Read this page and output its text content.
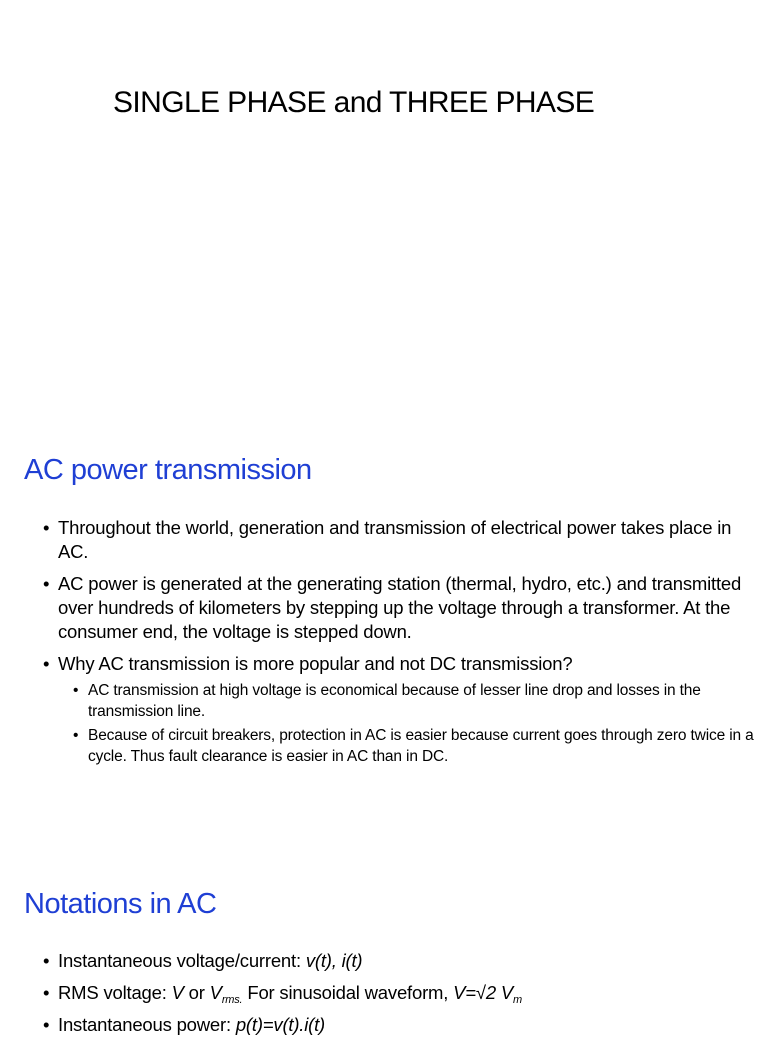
SINGLE PHASE and THREE PHASE
AC power transmission
• Throughout the world, generation and transmission of electrical power takes place in AC.
• AC power is generated at the generating station (thermal, hydro, etc.) and transmitted over hundreds of kilometers by stepping up the voltage through a transformer. At the consumer end, the voltage is stepped down.
• Why AC transmission is more popular and not DC transmission?
• AC transmission at high voltage is economical because of lesser line drop and losses in the transmission line.
• Because of circuit breakers, protection in AC is easier because current goes through zero twice in a cycle. Thus fault clearance is easier in AC than in DC.
Notations in AC
• Instantaneous voltage/current: v(t), i(t)
• RMS voltage: V or $V_{rms.}$ For sinusoidal waveform, V=√2 $V_m$
• Instantaneous power: p(t)=v(t).i(t)
